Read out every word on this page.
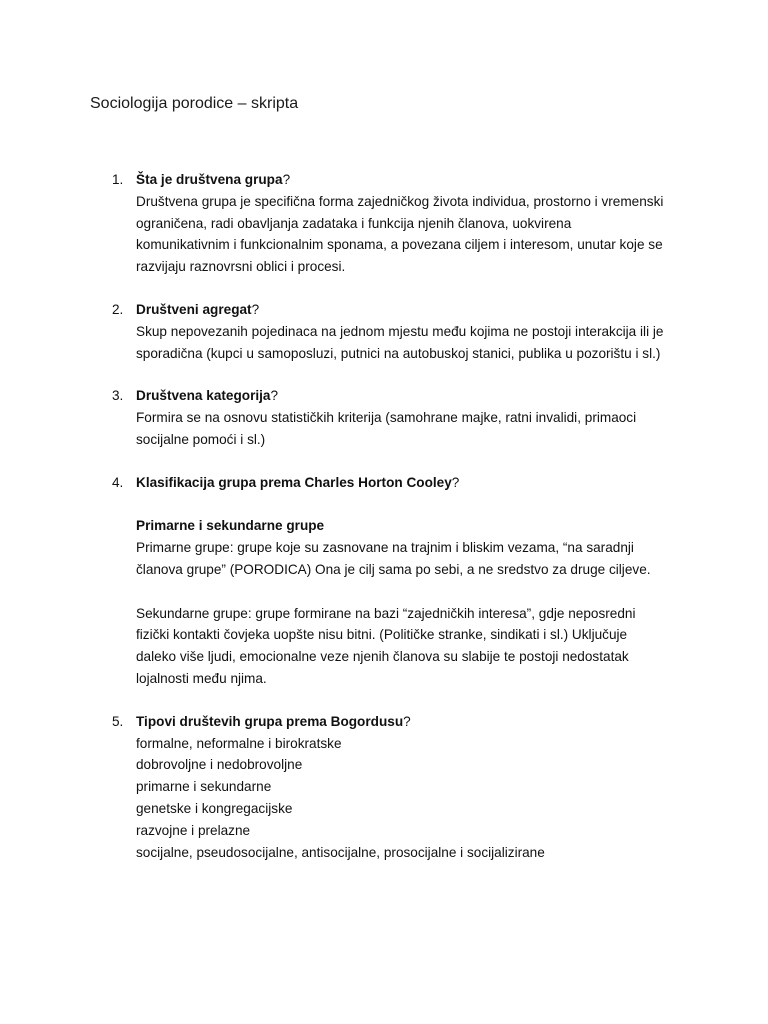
Sociologija porodice – skripta
1. Šta je društvena grupa?
Društvena grupa je specifična forma zajedničkog života individua, prostorno i vremenski
ograničena, radi obavljanja zadataka i funkcija njenih članova, uokvirena
komunikativnim i funkcionalnim sponama, a povezana ciljem i interesom, unutar koje se
razvijaju raznovrsni oblici i procesi.
2. Društveni agregat?
Skup nepovezanih pojedinaca na jednom mjestu među kojima ne postoji interakcija ili je
sporadična (kupci u samoposluzi, putnici na autobuskoj stanici, publika u pozorištu i sl.)
3. Društvena kategorija?
Formira se na osnovu statističkih kriterija (samohrane majke, ratni invalidi, primaoci
socijalne pomoći i sl.)
4. Klasifikacija grupa prema Charles Horton Cooley?
Primarne i sekundarne grupe
Primarne grupe: grupe koje su zasnovane na trajnim i bliskim vezama, “na saradnji
članova grupe” (PORODICA) Ona je cilj sama po sebi, a ne sredstvo za druge ciljeve.
Sekundarne grupe: grupe formirane na bazi “zajedničkih interesa”, gdje neposredni
fizički kontakti čovjeka uopšte nisu bitni. (Političke stranke, sindikati i sl.) Uključuje
daleko više ljudi, emocionalne veze njenih članova su slabije te postoji nedostatak
lojalnosti među njima.
5. Tipovi društevih grupa prema Bogordusu?
formalne, neformalne i birokratske
dobrovoljne i nedobrovoljne
primarne i sekundarne
genetske i kongregacijske
razvojne i prelazne
socijalne, pseudosocijalne, antisocijalne, prosocijalne i socijalizirane
